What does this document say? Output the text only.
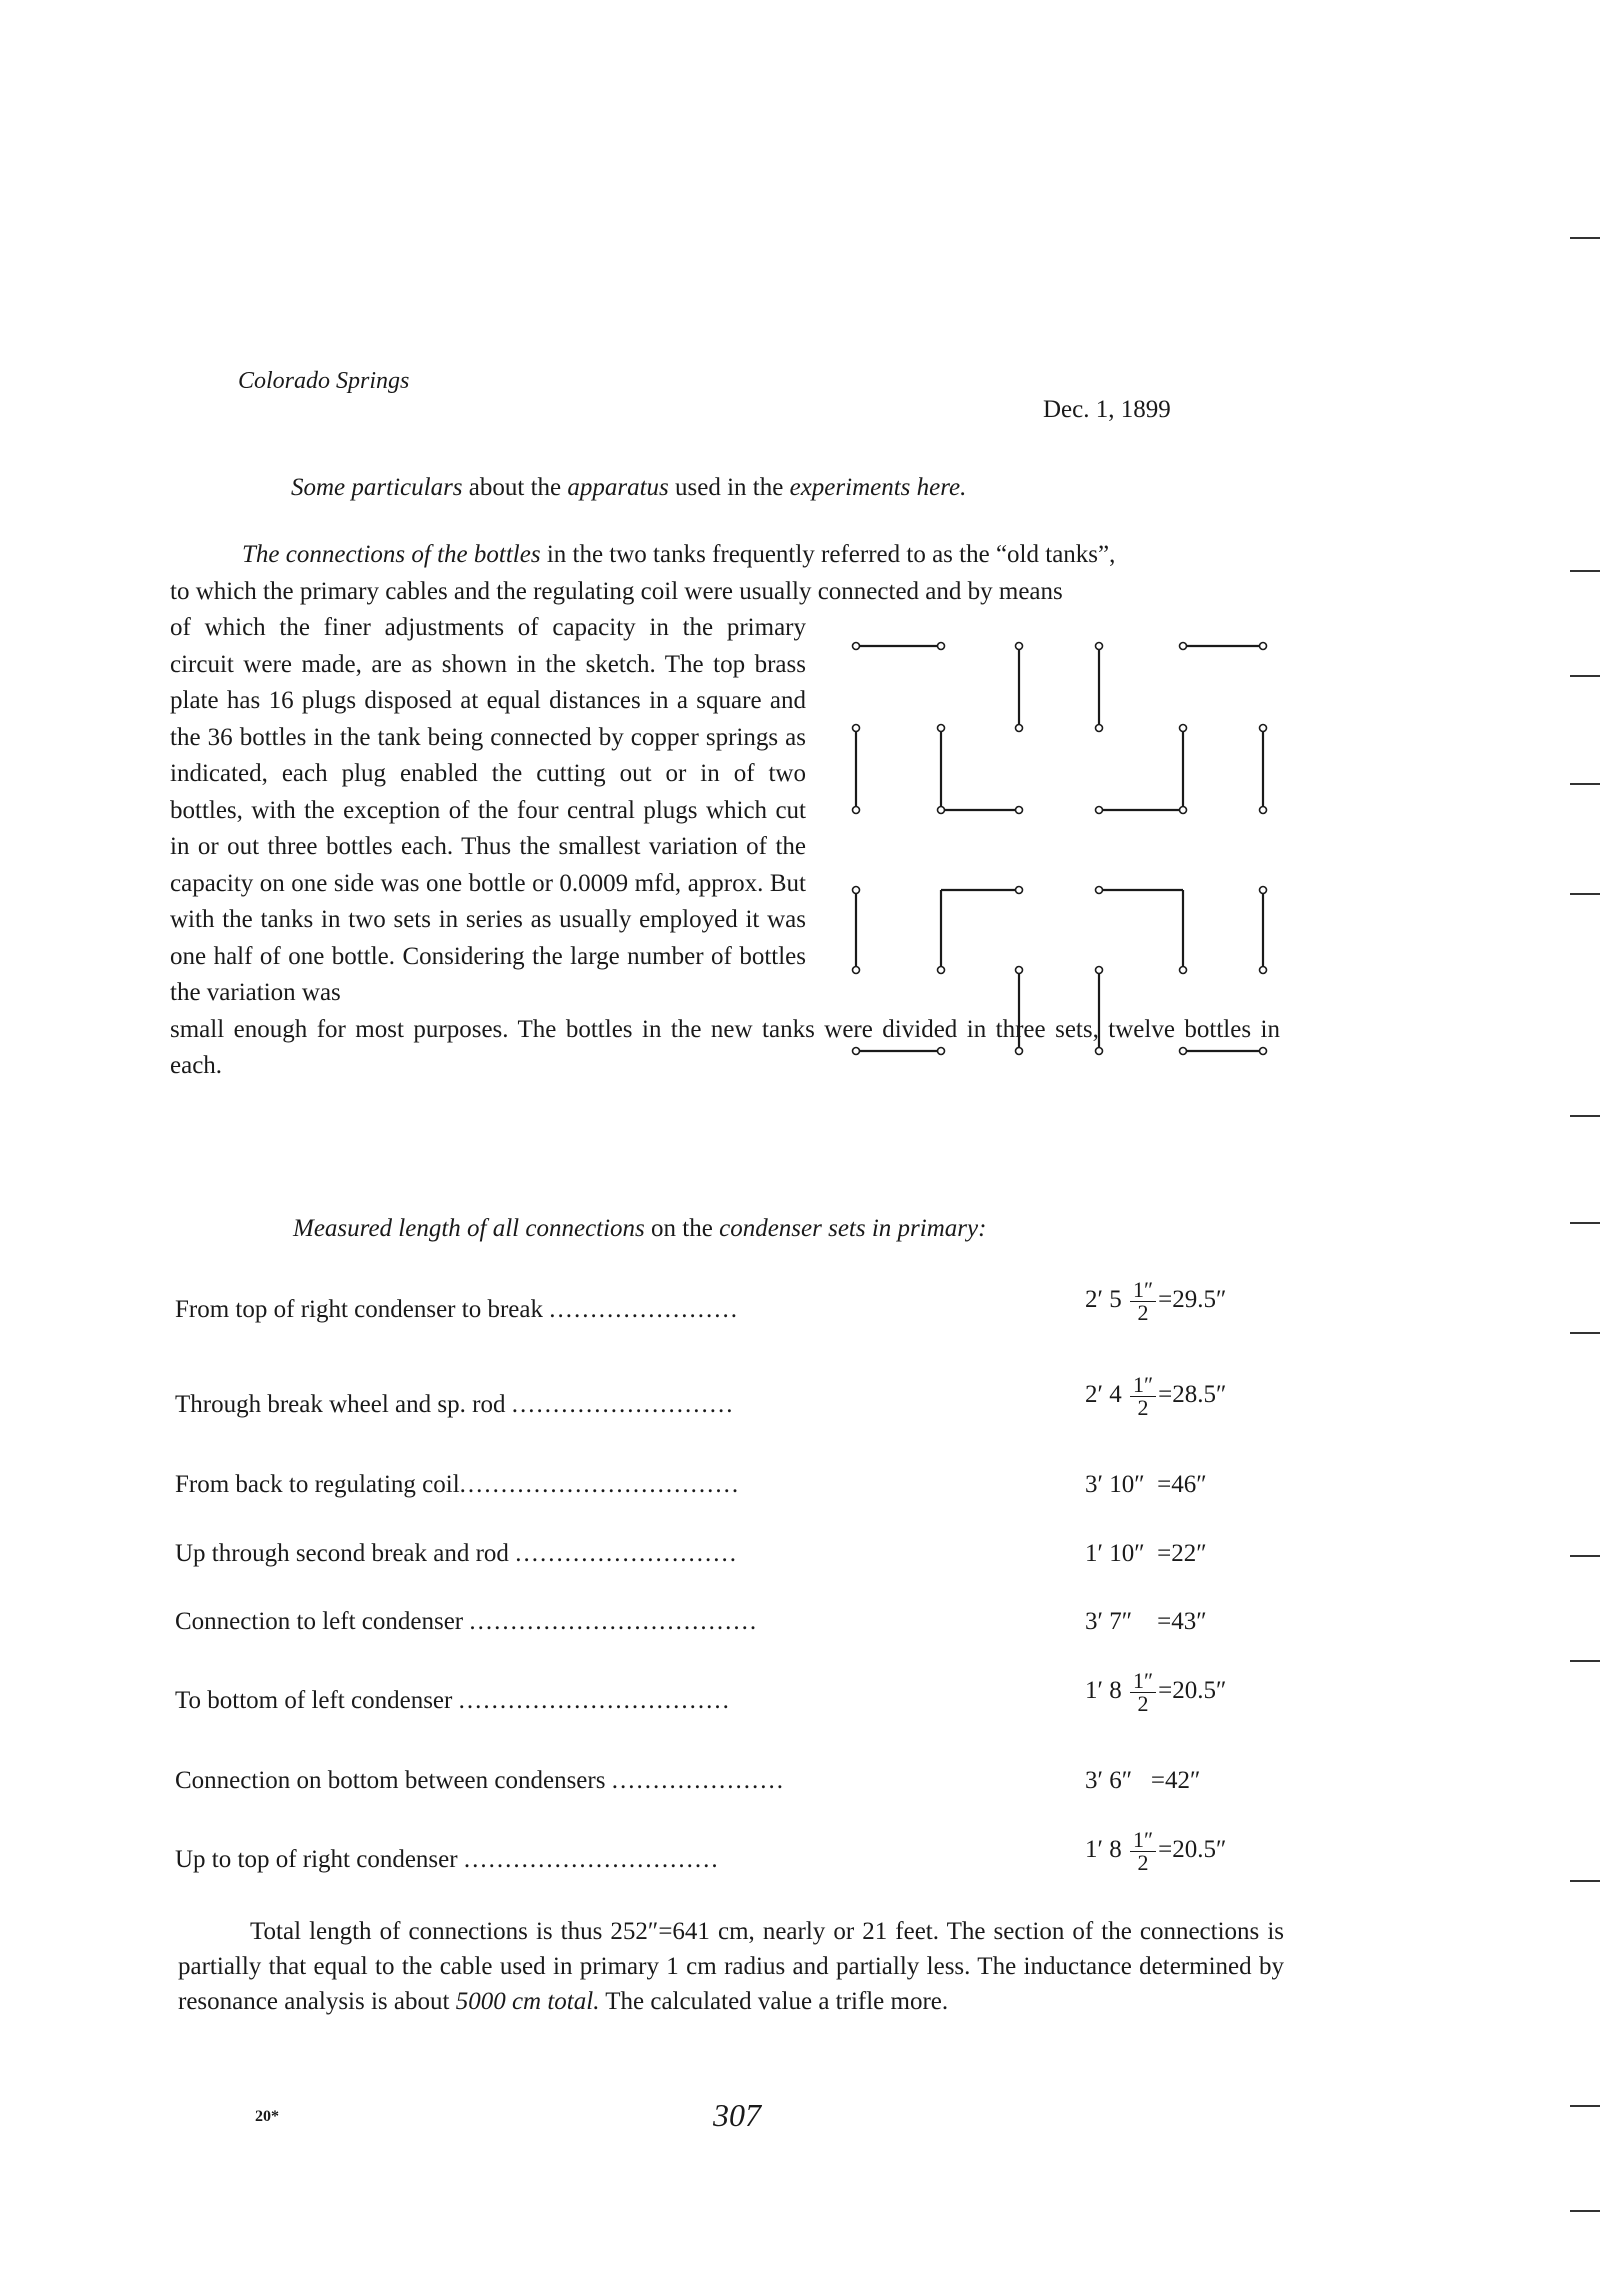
Colorado Springs
Dec. 1, 1899
Some particulars about the apparatus used in the experiments here.
The connections of the bottles in the two tanks frequently referred to as the “old tanks”,
to which the primary cables and the regulating coil were usually connected and by means
of which the finer adjustments of capacity in the primary circuit were made, are as shown in the sketch. The top brass plate has 16 plugs disposed at equal distances in a square and the 36 bottles in the tank being connected by copper springs as indicated, each plug enabled the cutting out or in of two bottles, with the exception of the four central plugs which cut in or out three bottles each. Thus the smallest variation of the capacity on one side was one bottle or 0.0009 mfd, approx. But with the tanks in two sets in series as usually employed it was one half of one bottle. Considering the large number of bottles the variation was
small enough for most purposes. The bottles in the new tanks were divided in three sets, twelve bottles in each.
Measured length of all connections on the condenser sets in primary:
From top of right condenser to break .......................	2′ $5 \frac{1''}{2} =29.5''$
Through break wheel and sp. rod ...........................	2′ $4 \frac{1''}{2} =28.5''$
From back to regulating coil..................................	3′ 10″ =46″
Up through second break and rod ...........................	1′ 10″ =22″
Connection to left condenser ...................................	3′ 7″ =43″
To bottom of left condenser .................................	1′ $8 \frac{1''}{2} =20.5''$
Connection on bottom between condensers .....................	3′ 6″ =42″
Up to top of right condenser ...............................	1′ $8 \frac{1''}{2} =20.5''$
Total length of connections is thus 252″=641 cm, nearly or 21 feet. The section of the connections is partially that equal to the cable used in primary 1 cm radius and partially less. The inductance determined by resonance analysis is about 5000 cm total. The calculated value a trifle more.
20*	307
